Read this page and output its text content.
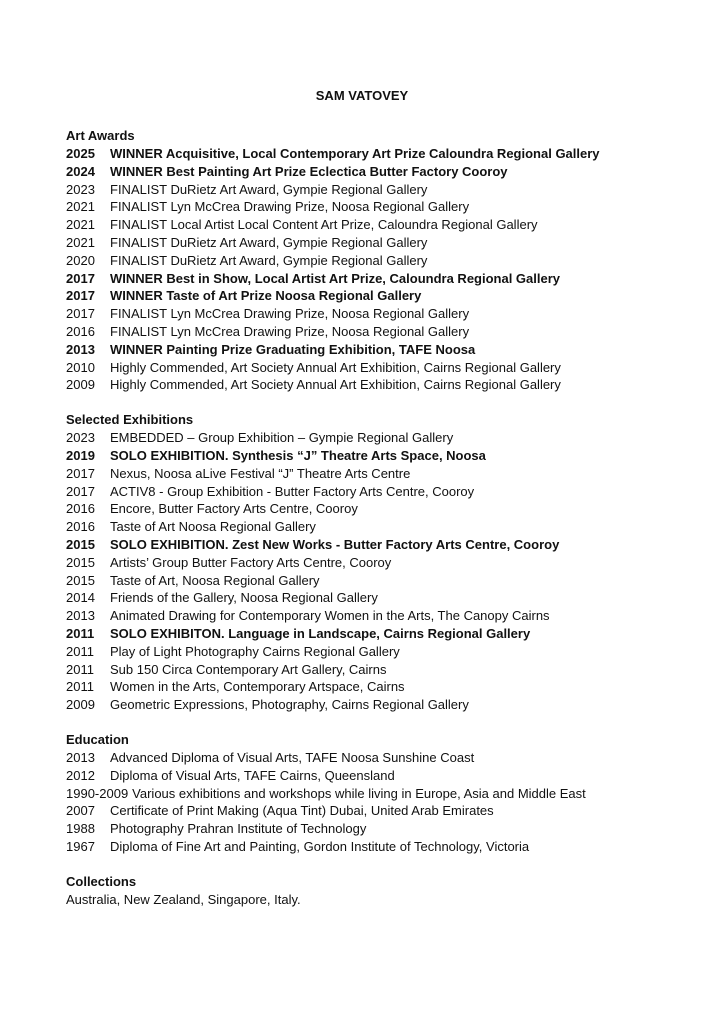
SAM VATOVEY
Art Awards
2025	WINNER Acquisitive, Local Contemporary Art Prize Caloundra Regional Gallery
2024	WINNER Best Painting Art Prize Eclectica Butter Factory Cooroy
2023	FINALIST DuRietz Art Award, Gympie Regional Gallery
2021	FINALIST Lyn McCrea Drawing Prize, Noosa Regional Gallery
2021	FINALIST Local Artist Local Content Art Prize, Caloundra Regional Gallery
2021	FINALIST DuRietz Art Award, Gympie Regional Gallery
2020	FINALIST DuRietz Art Award, Gympie Regional Gallery
2017	WINNER Best in Show, Local Artist Art Prize, Caloundra Regional Gallery
2017	WINNER Taste of Art Prize Noosa Regional Gallery
2017	FINALIST Lyn McCrea Drawing Prize, Noosa Regional Gallery
2016	FINALIST Lyn McCrea Drawing Prize, Noosa Regional Gallery
2013	WINNER Painting Prize Graduating Exhibition, TAFE Noosa
2010	Highly Commended, Art Society Annual Art Exhibition, Cairns Regional Gallery
2009	Highly Commended, Art Society Annual Art Exhibition, Cairns Regional Gallery
Selected Exhibitions
2023	EMBEDDED – Group Exhibition – Gympie Regional Gallery
2019	SOLO EXHIBITION. Synthesis “J” Theatre Arts Space, Noosa
2017	Nexus, Noosa aLive Festival “J” Theatre Arts Centre
2017	ACTIV8 - Group Exhibition - Butter Factory Arts Centre, Cooroy
2016	Encore, Butter Factory Arts Centre, Cooroy
2016	Taste of Art Noosa Regional Gallery
2015	SOLO EXHIBITION. Zest New Works - Butter Factory Arts Centre, Cooroy
2015	Artists’ Group Butter Factory Arts Centre, Cooroy
2015	Taste of Art, Noosa Regional Gallery
2014	Friends of the Gallery, Noosa Regional Gallery
2013	Animated Drawing for Contemporary Women in the Arts, The Canopy Cairns
2011	SOLO EXHIBITON. Language in Landscape, Cairns Regional Gallery
2011	Play of Light Photography Cairns Regional Gallery
2011	Sub 150 Circa Contemporary Art Gallery, Cairns
2011	Women in the Arts, Contemporary Artspace, Cairns
2009	Geometric Expressions, Photography, Cairns Regional Gallery
Education
2013	Advanced Diploma of Visual Arts, TAFE Noosa Sunshine Coast
2012	Diploma of Visual Arts, TAFE Cairns, Queensland
1990-2009 Various exhibitions and workshops while living in Europe, Asia and Middle East
2007	Certificate of Print Making (Aqua Tint) Dubai, United Arab Emirates
1988	Photography Prahran Institute of Technology
1967	Diploma of Fine Art and Painting, Gordon Institute of Technology, Victoria
Collections

Australia, New Zealand, Singapore, Italy.
